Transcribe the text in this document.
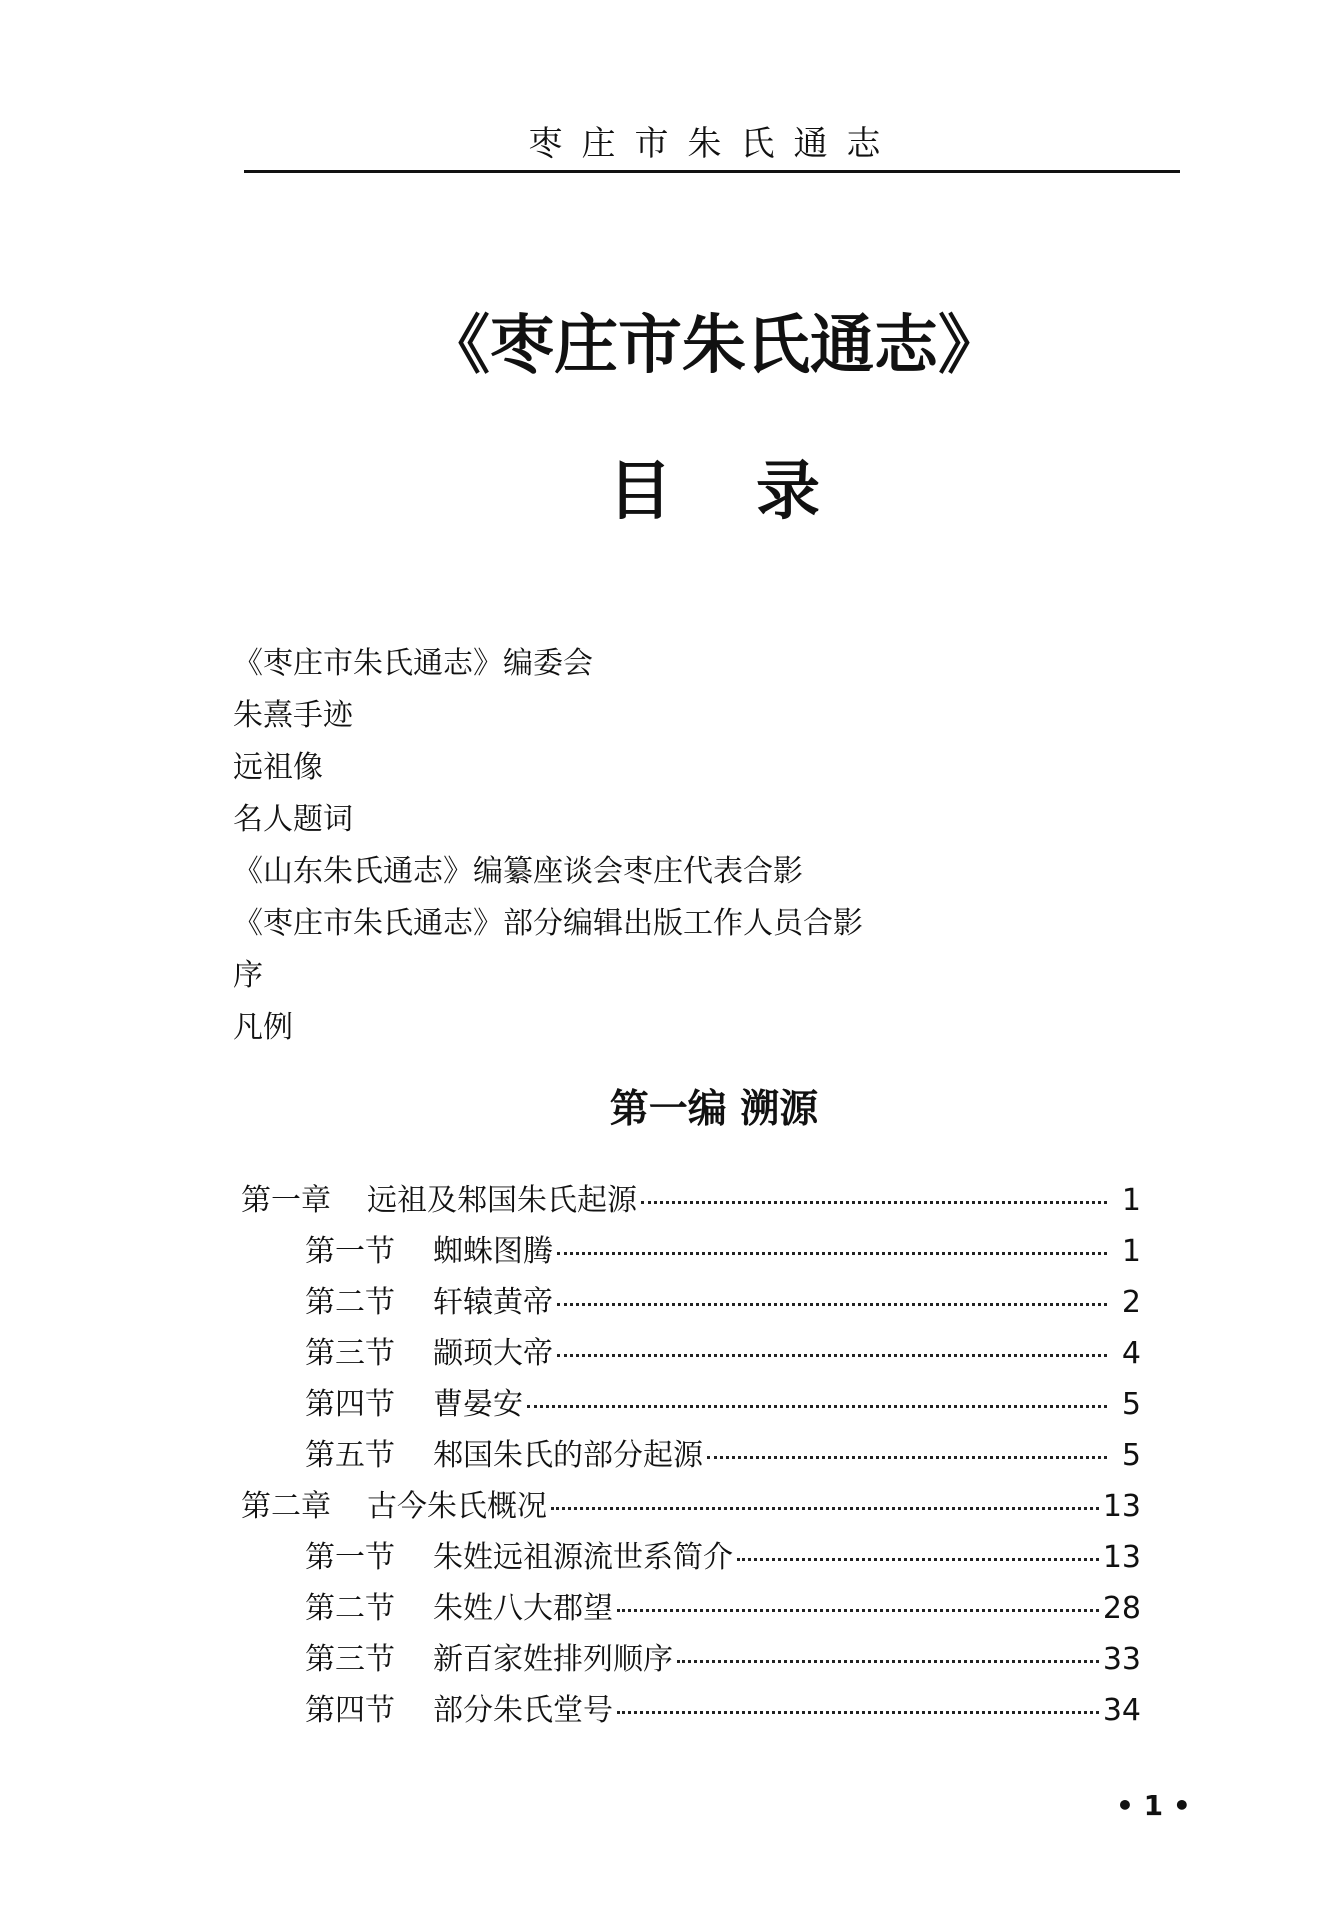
枣庄市朱氏通志
《枣庄市朱氏通志》
目录
《枣庄市朱氏通志》编委会
朱熹手迹
远祖像
名人题词
《山东朱氏通志》编纂座谈会枣庄代表合影
《枣庄市朱氏通志》部分编辑出版工作人员合影
序
凡例
第一编 溯源
第一章	远祖及邾国朱氏起源	1
第一节	蜘蛛图腾	1
第二节	轩辕黄帝	2
第三节	颛顼大帝	4
第四节	曹晏安	5
第五节	邾国朱氏的部分起源	5
第二章	古今朱氏概况	13
第一节	朱姓远祖源流世系简介	13
第二节	朱姓八大郡望	28
第三节	新百家姓排列顺序	33
第四节	部分朱氏堂号	34
• 1 •
